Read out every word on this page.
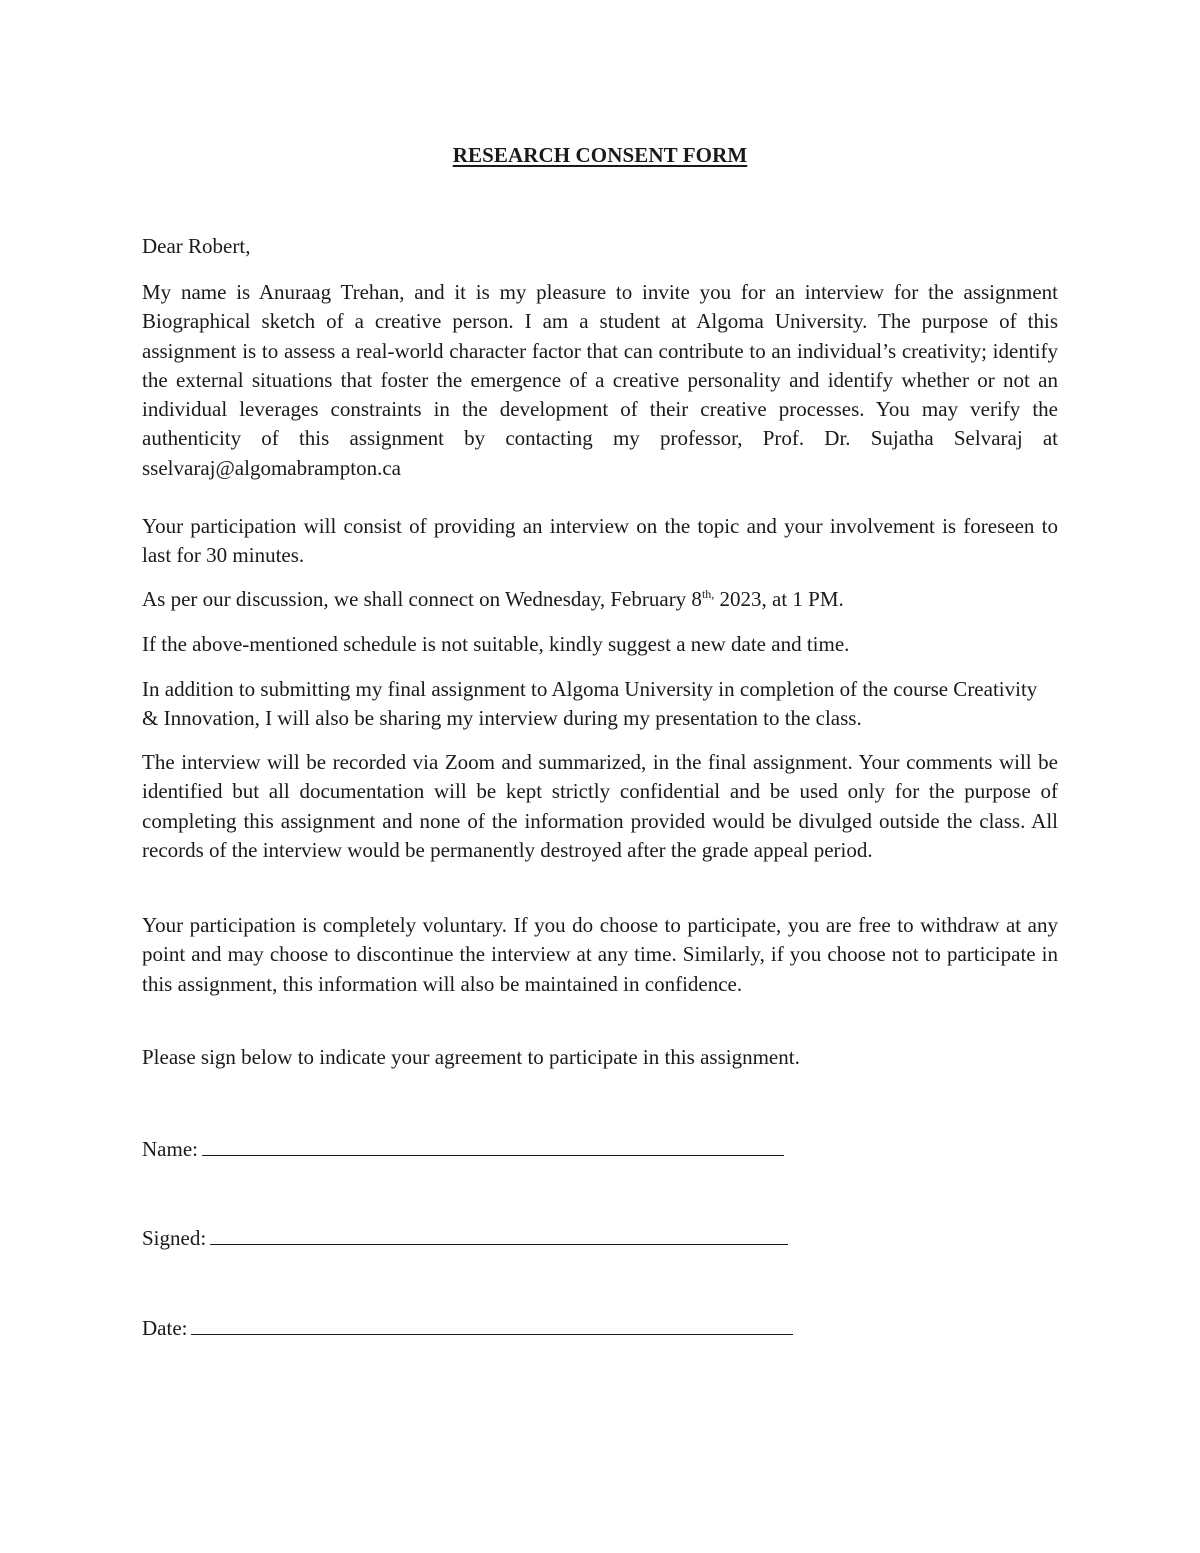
RESEARCH CONSENT FORM
Dear Robert,
My name is Anuraag Trehan, and it is my pleasure to invite you for an interview for the assignment Biographical sketch of a creative person. I am a student at Algoma University. The purpose of this assignment is to assess a real-world character factor that can contribute to an individual’s creativity; identify the external situations that foster the emergence of a creative personality and identify whether or not an individual leverages constraints in the development of their creative processes. You may verify the authenticity of this assignment by contacting my professor, Prof. Dr. Sujatha Selvaraj at sselvaraj@algomabrampton.ca
Your participation will consist of providing an interview on the topic and your involvement is foreseen to last for 30 minutes.
As per our discussion, we shall connect on Wednesday, February $8^{th,}$ 2023, at 1 PM.
If the above-mentioned schedule is not suitable, kindly suggest a new date and time.
In addition to submitting my final assignment to Algoma University in completion of the course Creativity & Innovation, I will also be sharing my interview during my presentation to the class.
The interview will be recorded via Zoom and summarized, in the final assignment. Your comments will be identified but all documentation will be kept strictly confidential and be used only for the purpose of completing this assignment and none of the information provided would be divulged outside the class. All records of the interview would be permanently destroyed after the grade appeal period.
Your participation is completely voluntary. If you do choose to participate, you are free to withdraw at any point and may choose to discontinue the interview at any time. Similarly, if you choose not to participate in this assignment, this information will also be maintained in confidence.
Please sign below to indicate your agreement to participate in this assignment.
Name:
Signed:
Date:
